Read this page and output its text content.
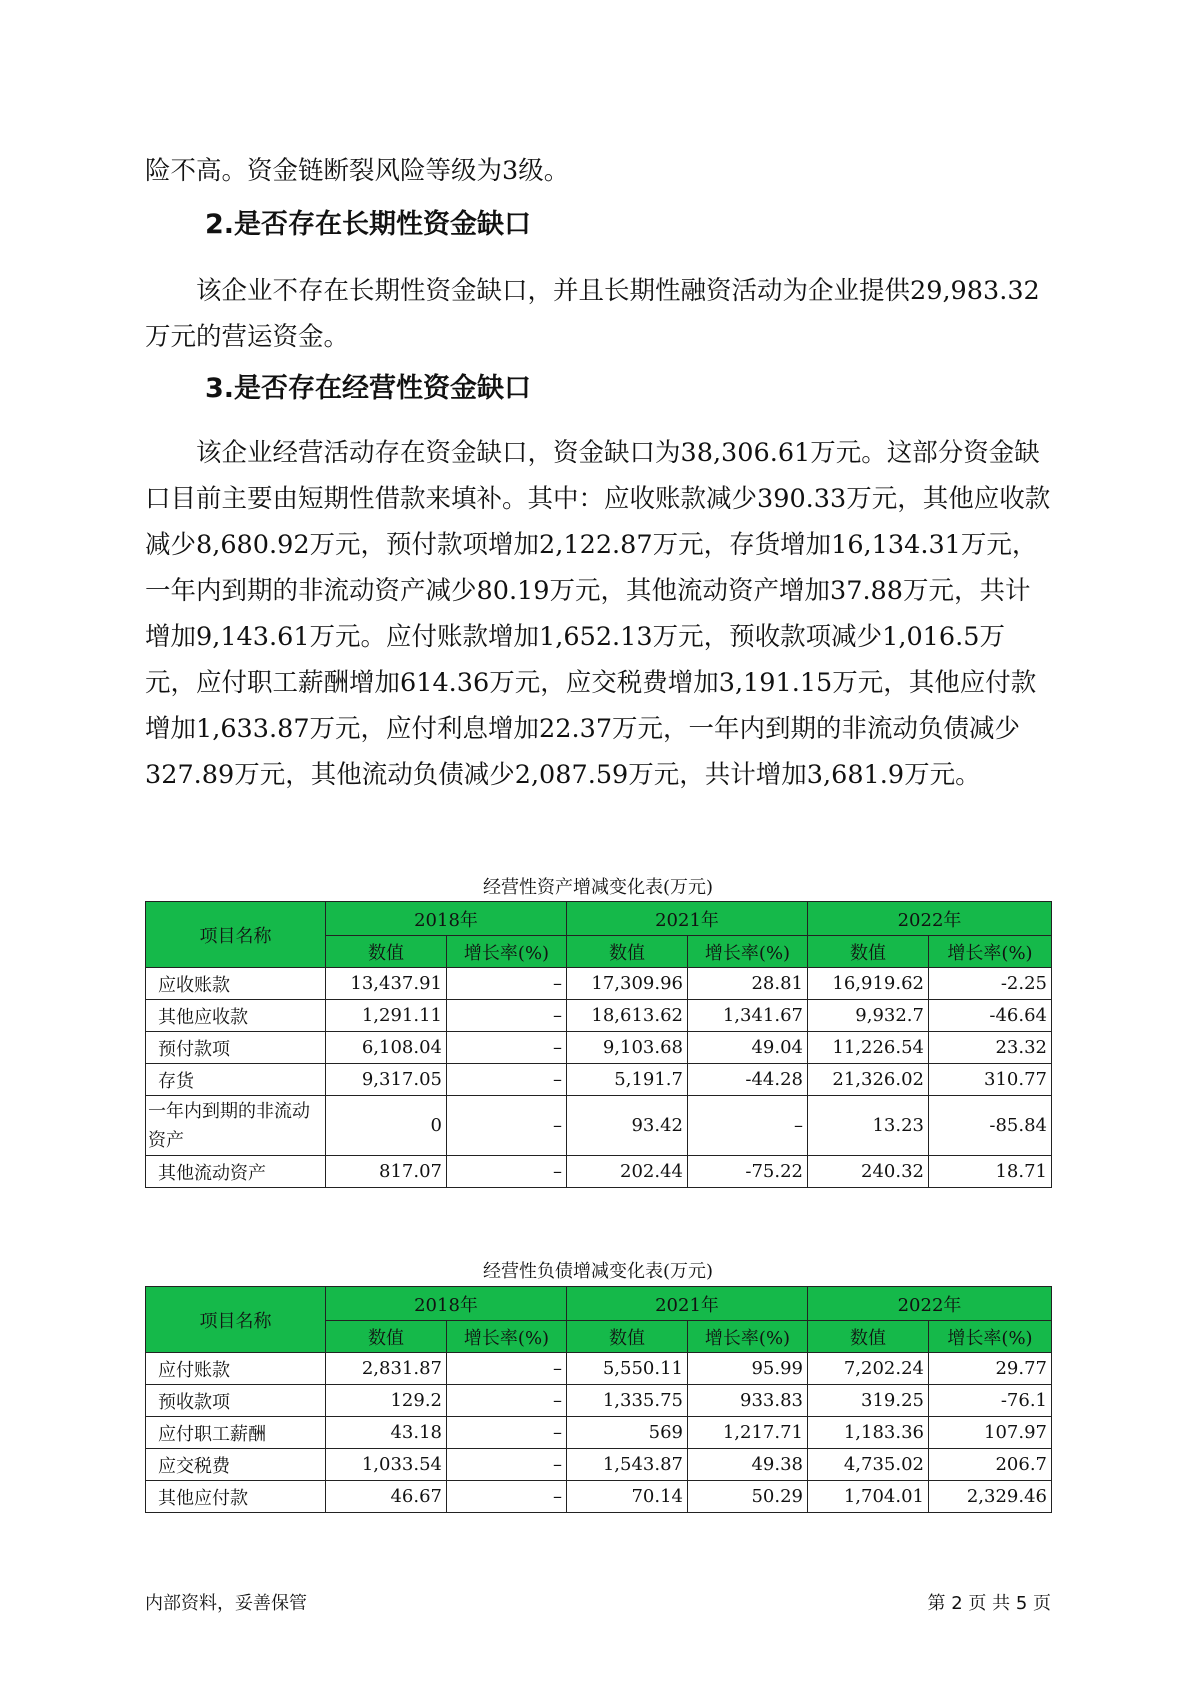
险不高。资金链断裂风险等级为3级。

2.是否存在长期性资金缺口

该企业不存在长期性资金缺口，并且长期性融资活动为企业提供29,983.32万元的营运资金。

3.是否存在经营性资金缺口

该企业经营活动存在资金缺口，资金缺口为38,306.61万元。这部分资金缺口目前主要由短期性借款来填补。其中：应收账款减少390.33万元，其他应收款减少8,680.92万元，预付款项增加2,122.87万元，存货增加16,134.31万元，一年内到期的非流动资产减少80.19万元，其他流动资产增加37.88万元，共计增加9,143.61万元。应付账款增加1,652.13万元，预收款项减少1,016.5万元，应付职工薪酬增加614.36万元，应交税费增加3,191.15万元，其他应付款增加1,633.87万元，应付利息增加22.37万元，一年内到期的非流动负债减少327.89万元，其他流动负债减少2,087.59万元，共计增加3,681.9万元。

经营性资产增减变化表(万元)

项目名称	2018年		2021年		2022年	
	数值	增长率(%)	数值	增长率(%)	数值	增长率(%)
应收账款	13,437.91	–	17,309.96	28.81	16,919.62	-2.25
其他应收款	1,291.11	–	18,613.62	1,341.67	9,932.7	-46.64
预付款项	6,108.04	–	9,103.68	49.04	11,226.54	23.32
存货	9,317.05	–	5,191.7	-44.28	21,326.02	310.77
一年内到期的非流动资产	0	–	93.42	–	13.23	-85.84
其他流动资产	817.07	–	202.44	-75.22	240.32	18.71

经营性负债增减变化表(万元)

项目名称	2018年		2021年		2022年	
	数值	增长率(%)	数值	增长率(%)	数值	增长率(%)
应付账款	2,831.87	–	5,550.11	95.99	7,202.24	29.77
预收款项	129.2	–	1,335.75	933.83	319.25	-76.1
应付职工薪酬	43.18	–	569	1,217.71	1,183.36	107.97
应交税费	1,033.54	–	1,543.87	49.38	4,735.02	206.7
其他应付款	46.67	–	70.14	50.29	1,704.01	2,329.46

内部资料，妥善保管	第 2 页 共 5 页
